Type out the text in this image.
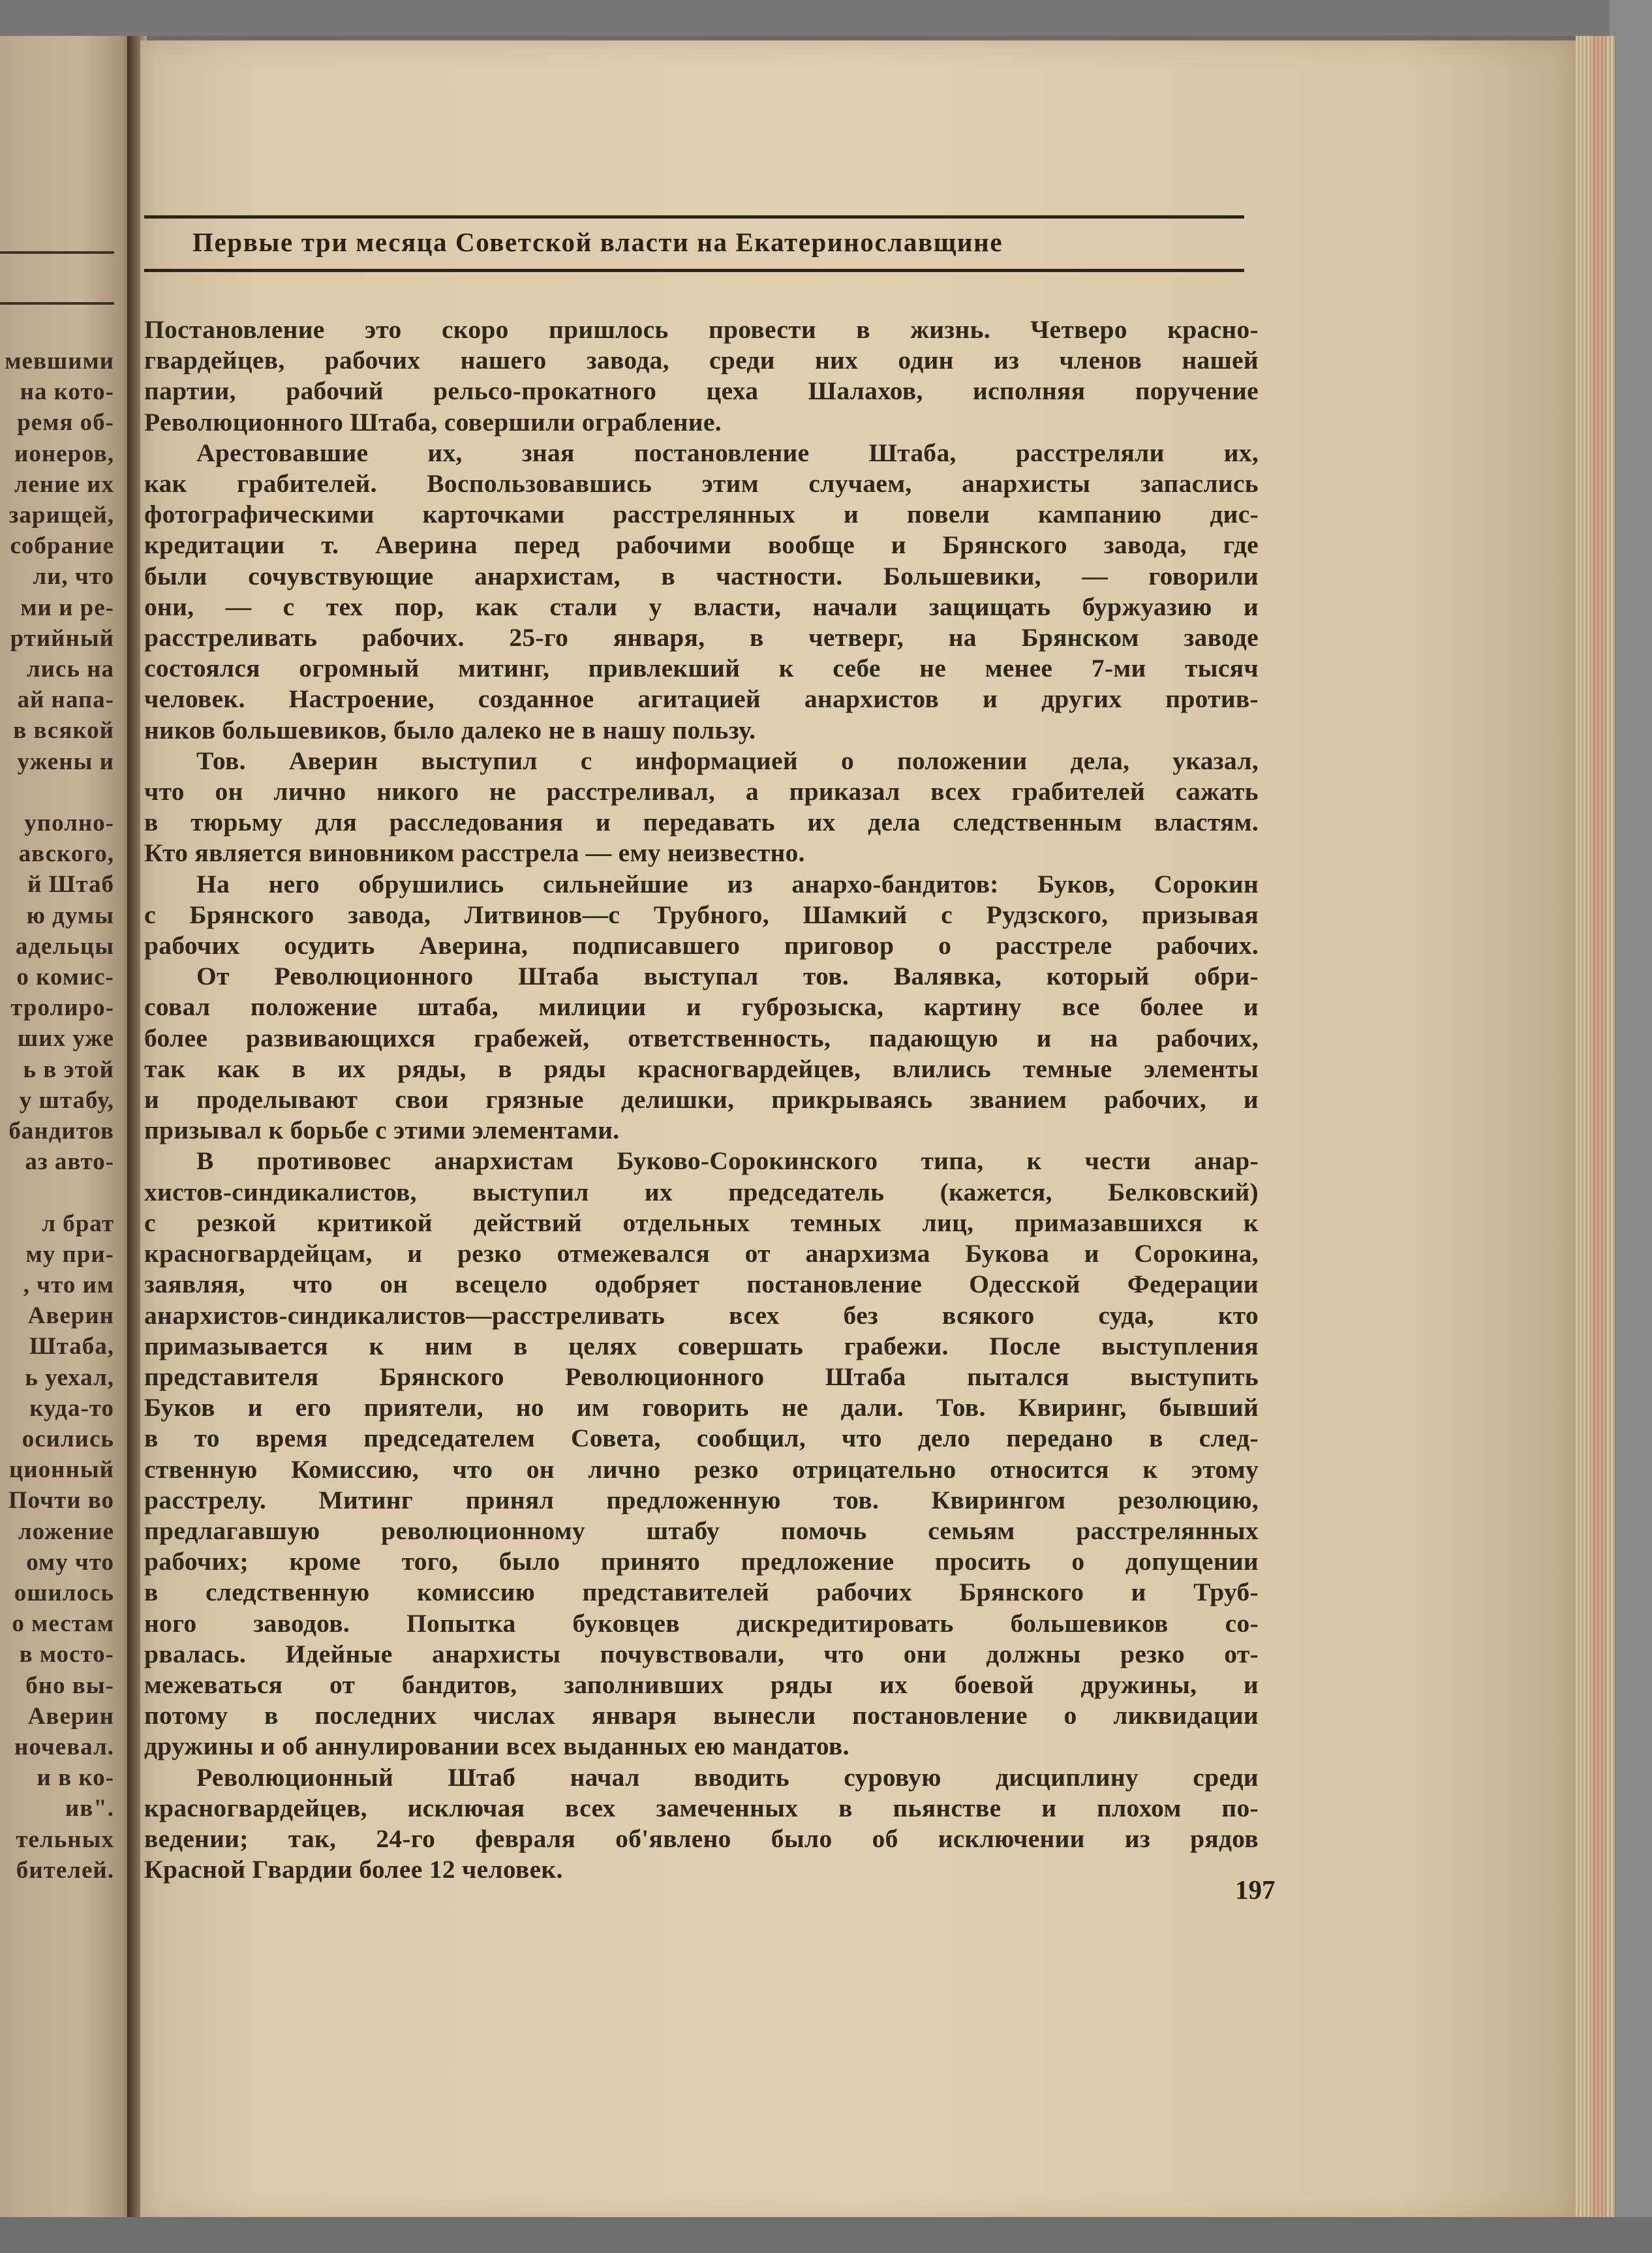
мевшими
на кото-
ремя об-
ионеров,
ление их
зарищей,
собрание
ли, что
ми и ре-
ртийный
лись на
ай напа-
в всякой
ужены и
уполно-
авского,
й Штаб
ю думы
адельцы
о комис-
тролиро-
ших уже
ь в этой
у штабу,
бандитов
аз авто-
л брат
му при-
, что им
Аверин
Штаба,
ь уехал,
куда-то
осились
ционный
Почти во
ложение
ому что
ошилось
о местам
в мосто-
бно вы-
Аверин
ночевал.
и в ко-
ив".
тельных
бителей.
Первые три месяца Советской власти на Екатеринославщине
Постановление это скоро пришлось провести в жизнь. Четверо красно-
гвардейцев, рабочих нашего завода, среди них один из членов нашей
партии, рабочий рельсо-прокатного цеха Шалахов, исполняя поручение
Революционного Штаба, совершили ограбление.
Арестовавшие их, зная постановление Штаба, расстреляли их,
как грабителей. Воспользовавшись этим случаем, анархисты запаслись
фотографическими карточками расстрелянных и повели кампанию дис-
кредитации т. Аверина перед рабочими вообще и Брянского завода, где
были сочувствующие анархистам, в частности. Большевики, — говорили
они, — с тех пор, как стали у власти, начали защищать буржуазию и
расстреливать рабочих. 25-го января, в четверг, на Брянском заводе
состоялся огромный митинг, привлекший к себе не менее 7-ми тысяч
человек. Настроение, созданное агитацией анархистов и других против-
ников большевиков, было далеко не в нашу пользу.
Тов. Аверин выступил с информацией о положении дела, указал,
что он лично никого не расстреливал, а приказал всех грабителей сажать
в тюрьму для расследования и передавать их дела следственным властям.
Кто является виновником расстрела — ему неизвестно.
На него обрушились сильнейшие из анархо-бандитов: Буков, Сорокин
с Брянского завода, Литвинов—с Трубного, Шамкий с Рудзского, призывая
рабочих осудить Аверина, подписавшего приговор о расстреле рабочих.
От Революционного Штаба выступал тов. Валявка, который обри-
совал положение штаба, милиции и губрозыска, картину все более и
более развивающихся грабежей, ответственность, падающую и на рабочих,
так как в их ряды, в ряды красногвардейцев, влились темные элементы
и проделывают свои грязные делишки, прикрываясь званием рабочих, и
призывал к борьбе с этими элементами.
В противовес анархистам Буково-Сорокинского типа, к чести анар-
хистов-синдикалистов, выступил их председатель (кажется, Белковский)
с резкой критикой действий отдельных темных лиц, примазавшихся к
красногвардейцам, и резко отмежевался от анархизма Букова и Сорокина,
заявляя, что он всецело одобряет постановление Одесской Федерации
анархистов-синдикалистов—расстреливать всех без всякого суда, кто
примазывается к ним в целях совершать грабежи. После выступления
представителя Брянского Революционного Штаба пытался выступить
Буков и его приятели, но им говорить не дали. Тов. Квиринг, бывший
в то время председателем Совета, сообщил, что дело передано в след-
ственную Комиссию, что он лично резко отрицательно относится к этому
расстрелу. Митинг принял предложенную тов. Квирингом резолюцию,
предлагавшую революционному штабу помочь семьям расстрелянных
рабочих; кроме того, было принято предложение просить о допущении
в следственную комиссию представителей рабочих Брянского и Труб-
ного заводов. Попытка буковцев дискредитировать большевиков со-
рвалась. Идейные анархисты почувствовали, что они должны резко от-
межеваться от бандитов, заполнивших ряды их боевой дружины, и
потому в последних числах января вынесли постановление о ликвидации
дружины и об аннулировании всех выданных ею мандатов.
Революционный Штаб начал вводить суровую дисциплину среди
красногвардейцев, исключая всех замеченных в пьянстве и плохом по-
ведении; так, 24-го февраля об'явлено было об исключении из рядов
Красной Гвардии более 12 человек.
197
